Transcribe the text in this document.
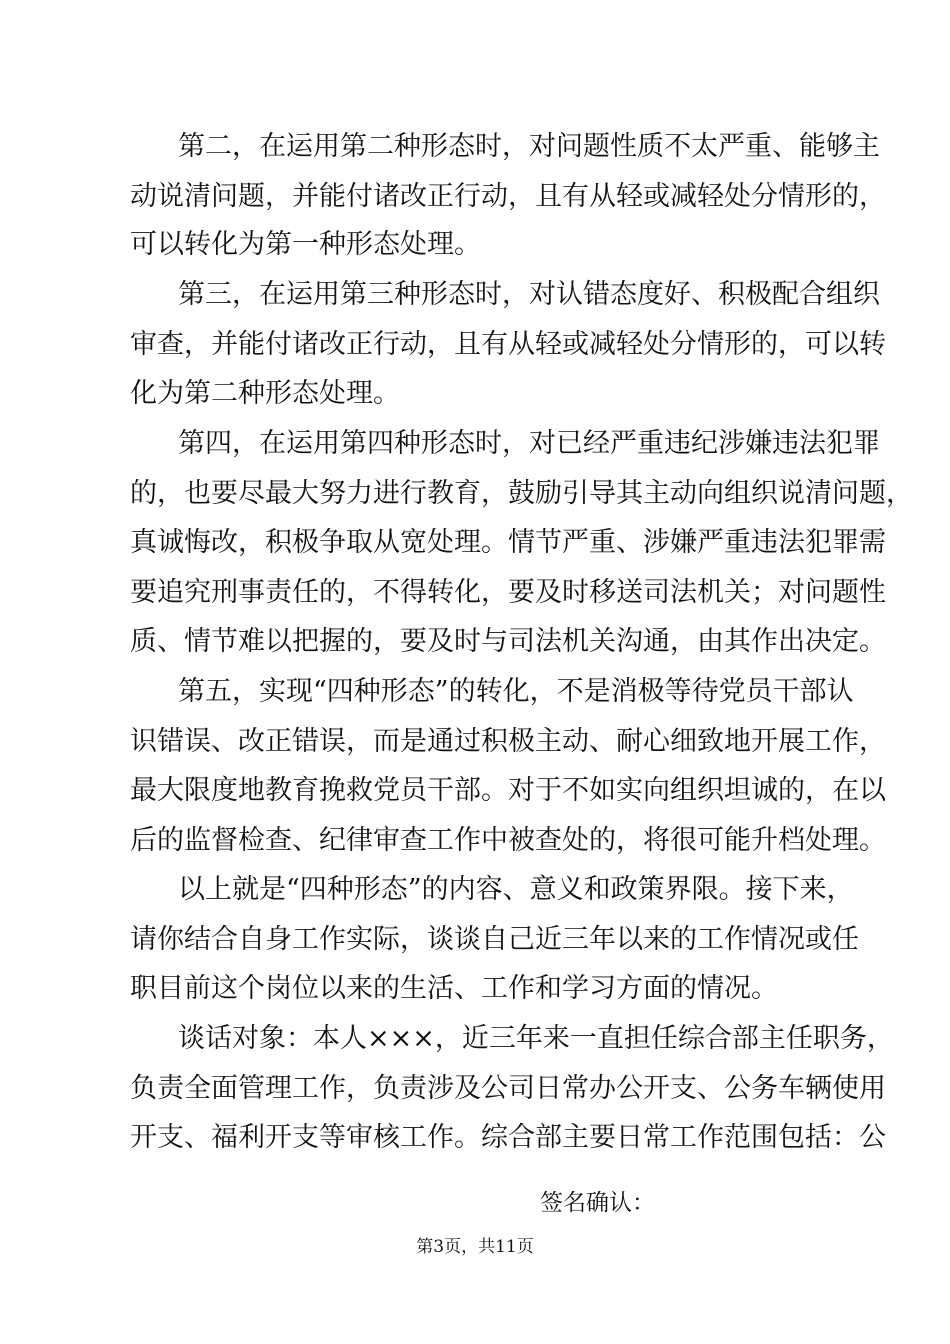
第二，在运用第二种形态时，对问题性质不太严重、能够主
动说清问题，并能付诸改正行动，且有从轻或减轻处分情形的，
可以转化为第一种形态处理。
第三，在运用第三种形态时，对认错态度好、积极配合组织
审查，并能付诸改正行动，且有从轻或减轻处分情形的，可以转
化为第二种形态处理。
第四，在运用第四种形态时，对已经严重违纪涉嫌违法犯罪
的，也要尽最大努力进行教育，鼓励引导其主动向组织说清问题，
真诚悔改，积极争取从宽处理。情节严重、涉嫌严重违法犯罪需
要追究刑事责任的，不得转化，要及时移送司法机关；对问题性
质、情节难以把握的，要及时与司法机关沟通，由其作出决定。
第五，实现“四种形态”的转化，不是消极等待党员干部认
识错误、改正错误，而是通过积极主动、耐心细致地开展工作，
最大限度地教育挽救党员干部。对于不如实向组织坦诚的，在以
后的监督检查、纪律审查工作中被查处的，将很可能升档处理。
以上就是“四种形态”的内容、意义和政策界限。接下来，
请你结合自身工作实际，谈谈自己近三年以来的工作情况或任
职目前这个岗位以来的生活、工作和学习方面的情况。
谈话对象：本人×××，近三年来一直担任综合部主任职务，
负责全面管理工作，负责涉及公司日常办公开支、公务车辆使用
开支、福利开支等审核工作。综合部主要日常工作范围包括：公
签名确认：
第3页，共11页
